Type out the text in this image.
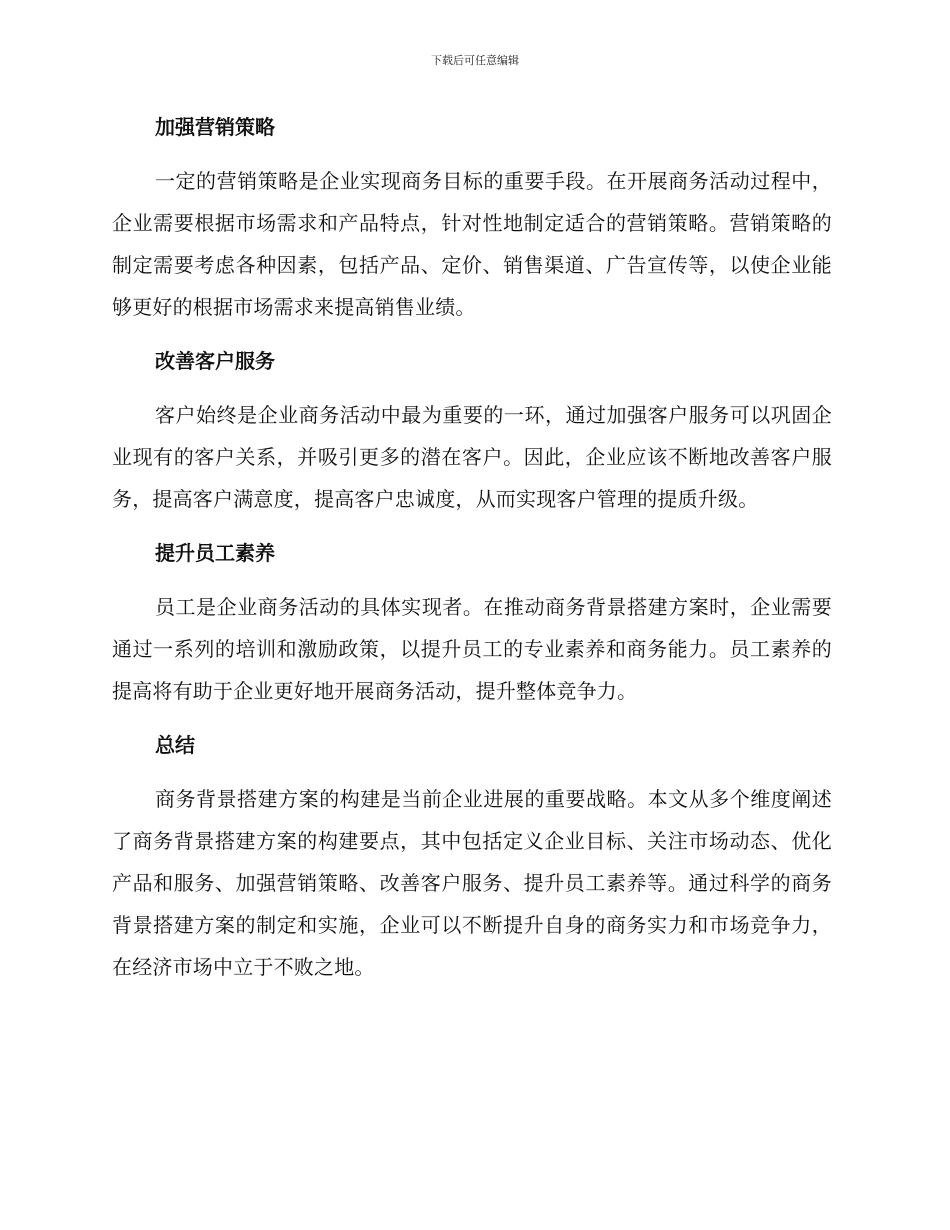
下载后可任意编辑
加强营销策略

一定的营销策略是企业实现商务目标的重要手段。在开展商务活动过程中，企业需要根据市场需求和产品特点，针对性地制定适合的营销策略。营销策略的制定需要考虑各种因素，包括产品、定价、销售渠道、广告宣传等，以使企业能够更好的根据市场需求来提高销售业绩。

改善客户服务

客户始终是企业商务活动中最为重要的一环，通过加强客户服务可以巩固企业现有的客户关系，并吸引更多的潜在客户。因此，企业应该不断地改善客户服务，提高客户满意度，提高客户忠诚度，从而实现客户管理的提质升级。

提升员工素养

员工是企业商务活动的具体实现者。在推动商务背景搭建方案时，企业需要通过一系列的培训和激励政策，以提升员工的专业素养和商务能力。员工素养的提高将有助于企业更好地开展商务活动，提升整体竞争力。

总结

商务背景搭建方案的构建是当前企业进展的重要战略。本文从多个维度阐述了商务背景搭建方案的构建要点，其中包括定义企业目标、关注市场动态、优化产品和服务、加强营销策略、改善客户服务、提升员工素养等。通过科学的商务背景搭建方案的制定和实施，企业可以不断提升自身的商务实力和市场竞争力，在经济市场中立于不败之地。
